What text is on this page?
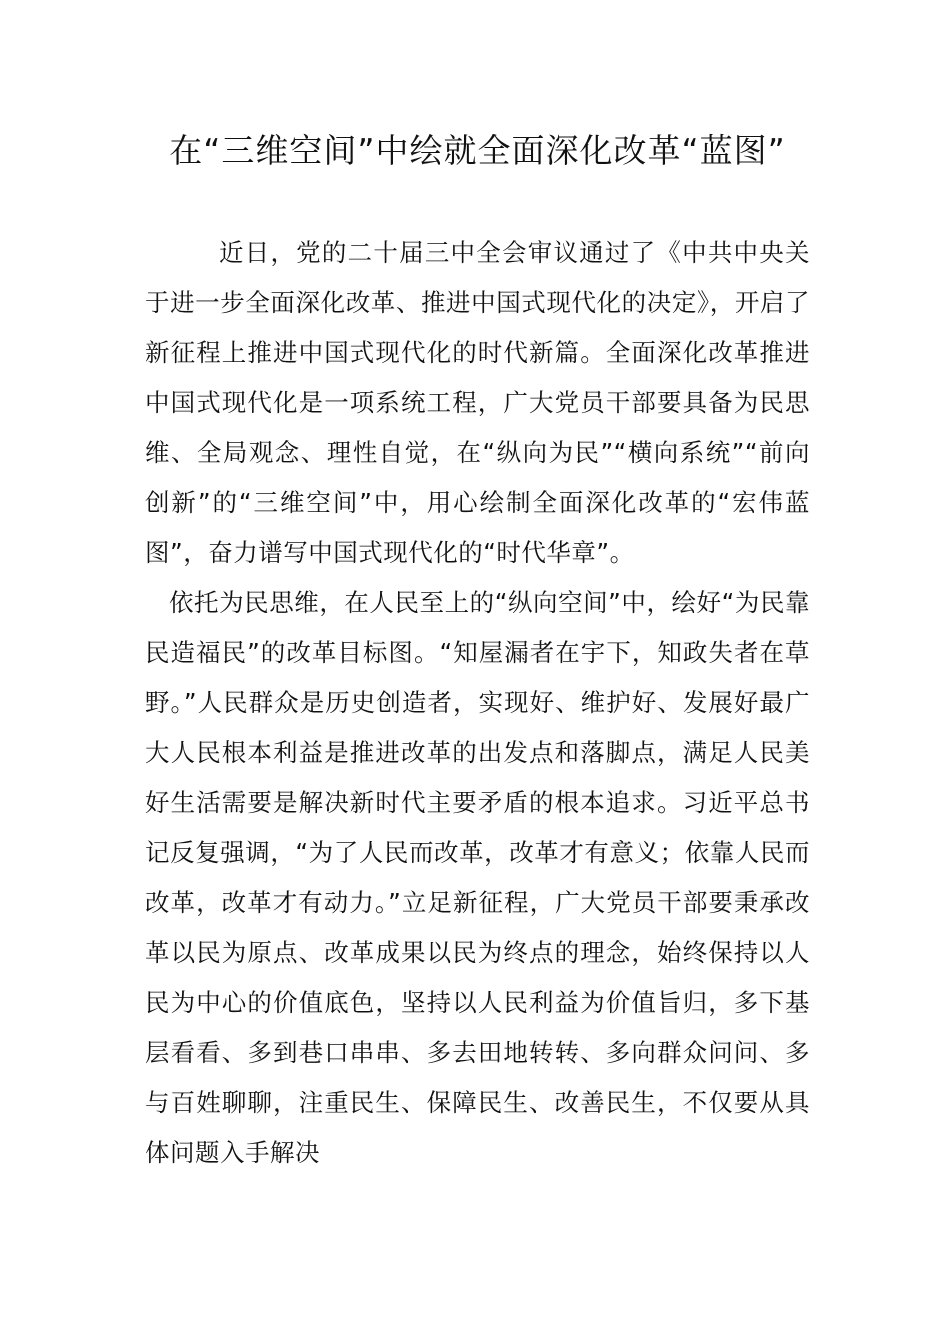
在“三维空间”中绘就全面深化改革“蓝图”

近日，党的二十届三中全会审议通过了《中共中央关于进一步全面深化改革、推进中国式现代化的决定》，开启了新征程上推进中国式现代化的时代新篇。全面深化改革推进中国式现代化是一项系统工程，广大党员干部要具备为民思维、全局观念、理性自觉，在“纵向为民”“横向系统”“前向创新”的“三维空间”中，用心绘制全面深化改革的“宏伟蓝图”，奋力谱写中国式现代化的“时代华章”。

依托为民思维，在人民至上的“纵向空间”中，绘好“为民靠民造福民”的改革目标图。“知屋漏者在宇下，知政失者在草野。”人民群众是历史创造者，实现好、维护好、发展好最广大人民根本利益是推进改革的出发点和落脚点，满足人民美好生活需要是解决新时代主要矛盾的根本追求。习近平总书记反复强调，“为了人民而改革，改革才有意义；依靠人民而改革，改革才有动力。”立足新征程，广大党员干部要秉承改革以民为原点、改革成果以民为终点的理念，始终保持以人民为中心的价值底色，坚持以人民利益为价值旨归，多下基层看看、多到巷口串串、多去田地转转、多向群众问问、多与百姓聊聊，注重民生、保障民生、改善民生，不仅要从具体问题入手解决
